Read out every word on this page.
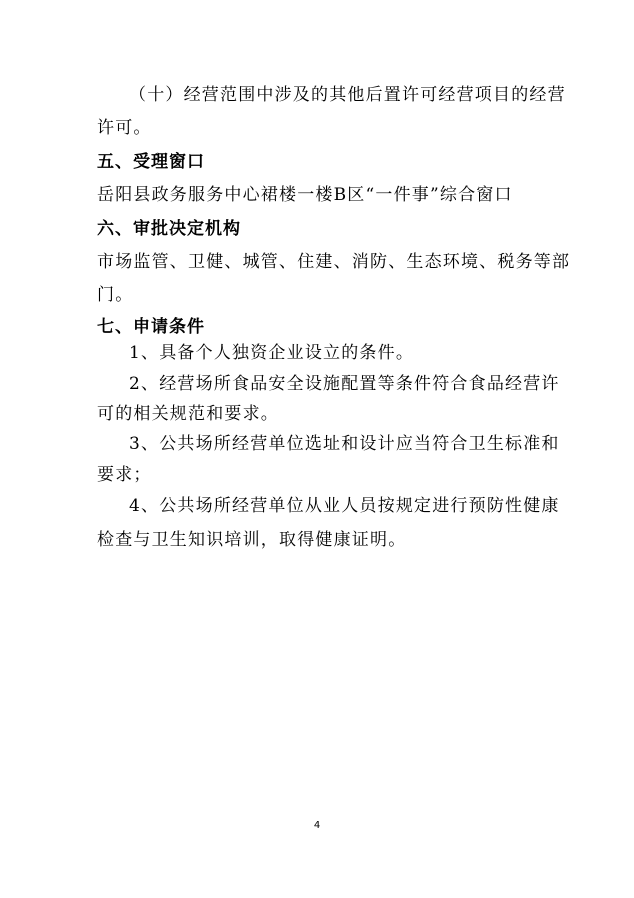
（十）经营范围中涉及的其他后置许可经营项目的经营
许可。
五、受理窗口
岳阳县政务服务中心裙楼一楼B区“一件事”综合窗口
六、审批决定机构
市场监管、卫健、城管、住建、消防、生态环境、税务等部
门。
七、申请条件
1、具备个人独资企业设立的条件。
2、经营场所食品安全设施配置等条件符合食品经营许
可的相关规范和要求。
3、公共场所经营单位选址和设计应当符合卫生标准和
要求；
4、公共场所经营单位从业人员按规定进行预防性健康
检查与卫生知识培训，取得健康证明。
4
